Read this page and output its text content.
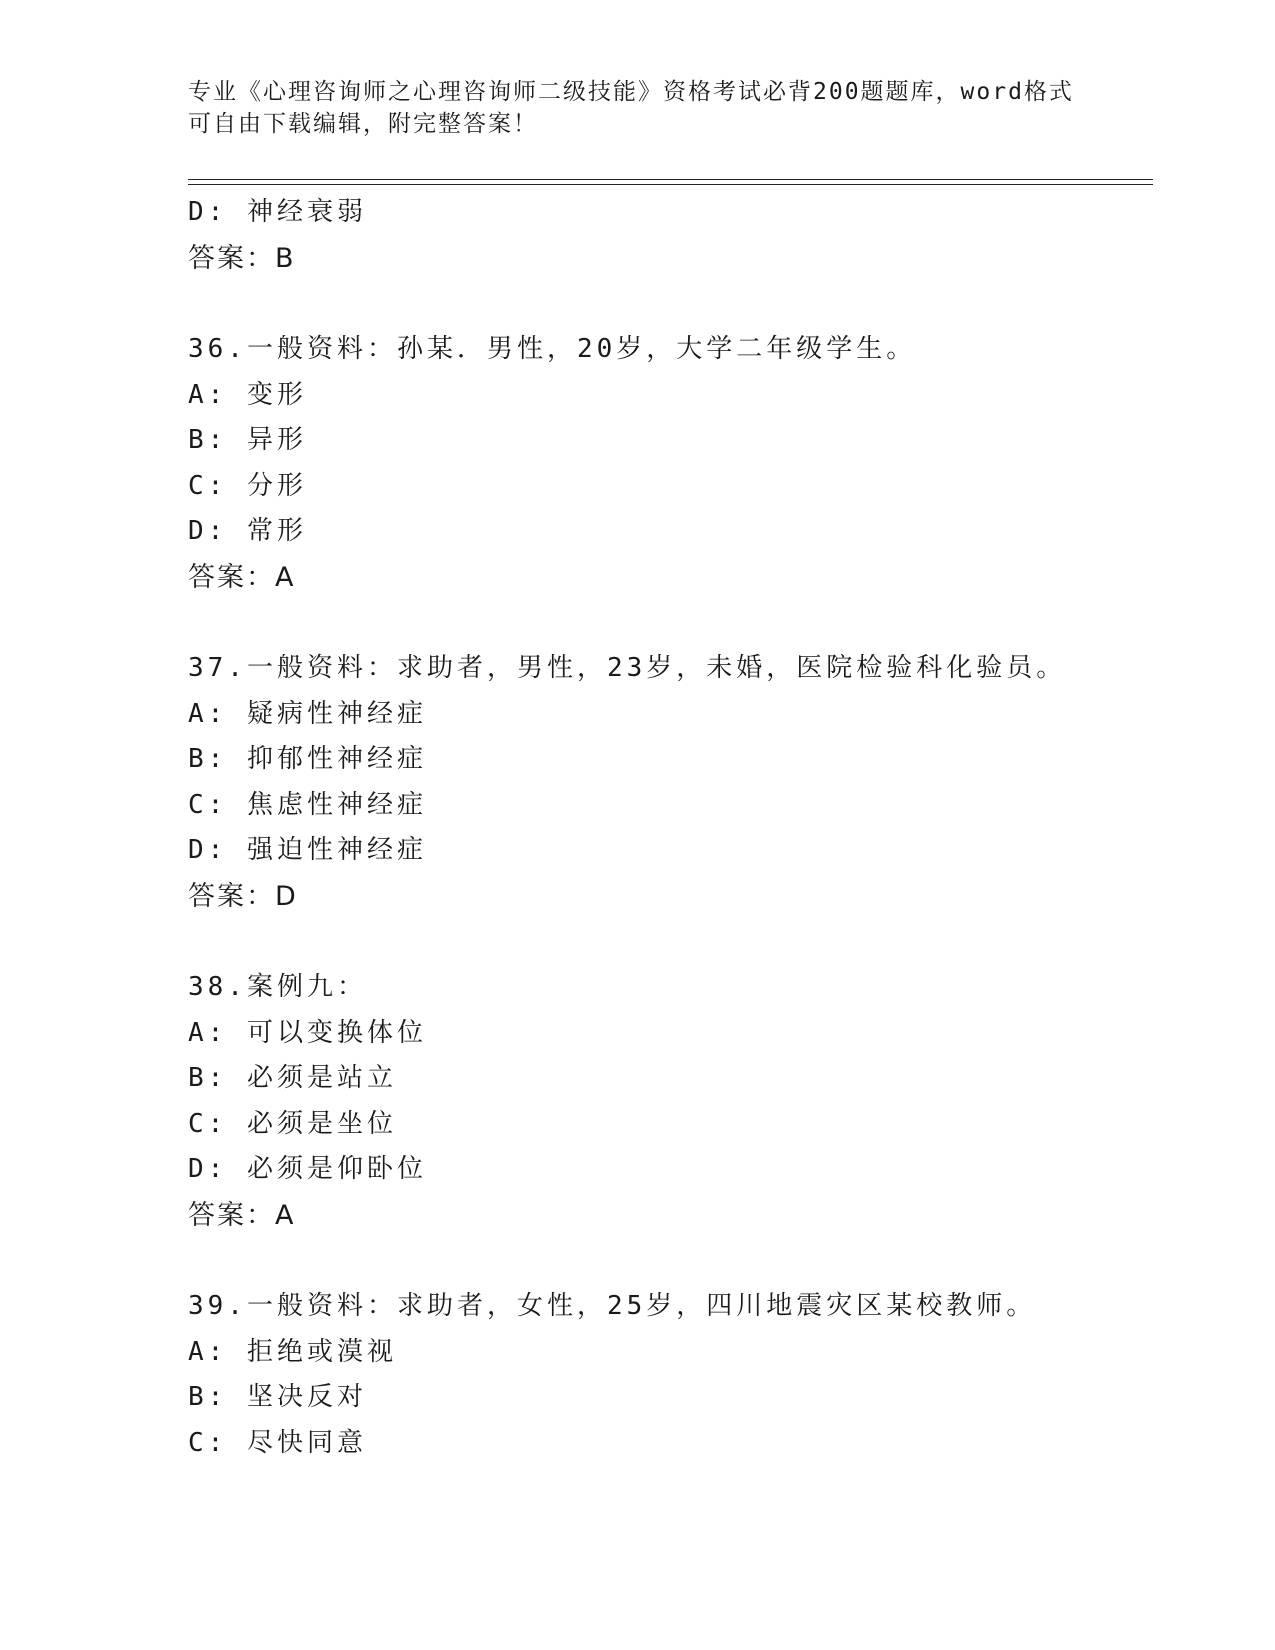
专业《心理咨询师之心理咨询师二级技能》资格考试必背200题题库，word格式
可自由下载编辑，附完整答案！
D: 神经衰弱
答案：B
36.一般资料：孙某．男性，20岁，大学二年级学生。
A: 变形
B: 异形
C: 分形
D: 常形
答案：A
37.一般资料：求助者，男性，23岁，未婚，医院检验科化验员。
A: 疑病性神经症
B: 抑郁性神经症
C: 焦虑性神经症
D: 强迫性神经症
答案：D
38.案例九：
A: 可以变换体位
B: 必须是站立
C: 必须是坐位
D: 必须是仰卧位
答案：A
39.一般资料：求助者，女性，25岁，四川地震灾区某校教师。
A: 拒绝或漠视
B: 坚决反对
C: 尽快同意
